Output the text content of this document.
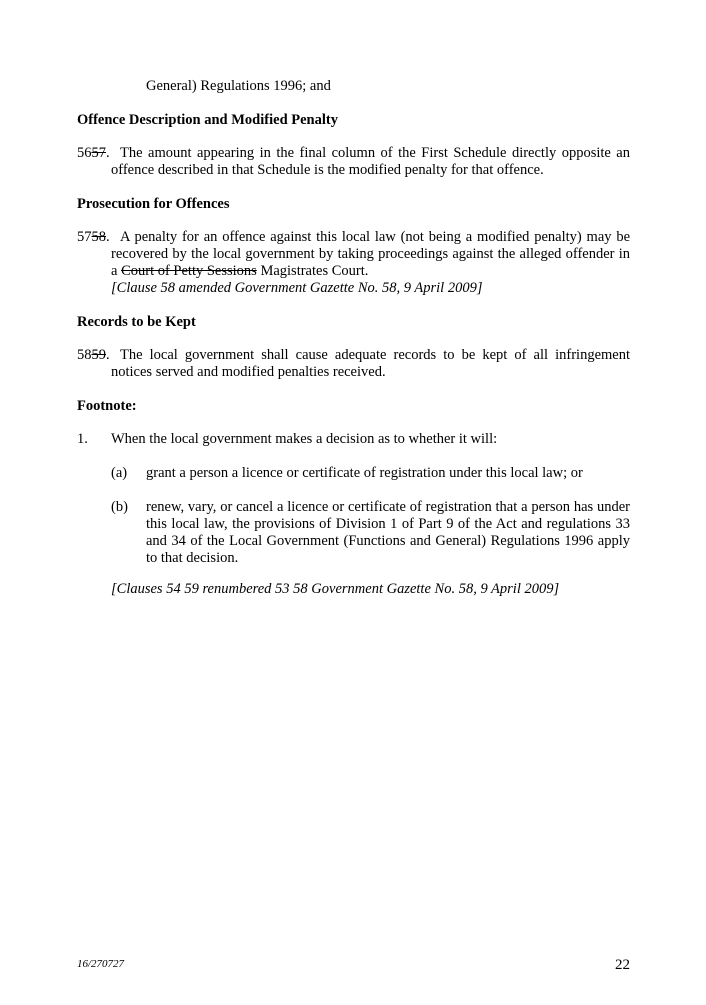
General) Regulations 1996; and
Offence Description and Modified Penalty
5657. The amount appearing in the final column of the First Schedule directly opposite an offence described in that Schedule is the modified penalty for that offence.
Prosecution for Offences
5758. A penalty for an offence against this local law (not being a modified penalty) may be recovered by the local government by taking proceedings against the alleged offender in a Court of Petty Sessions Magistrates Court.
[Clause 58 amended Government Gazette No. 58, 9 April 2009]
Records to be Kept
5859. The local government shall cause adequate records to be kept of all infringement notices served and modified penalties received.
Footnote:
1. When the local government makes a decision as to whether it will:
(a) grant a person a licence or certificate of registration under this local law; or
(b) renew, vary, or cancel a licence or certificate of registration that a person has under this local law, the provisions of Division 1 of Part 9 of the Act and regulations 33 and 34 of the Local Government (Functions and General) Regulations 1996 apply to that decision.
[Clauses 54 59 renumbered 53 58 Government Gazette No. 58, 9 April 2009]
16/270727	22
